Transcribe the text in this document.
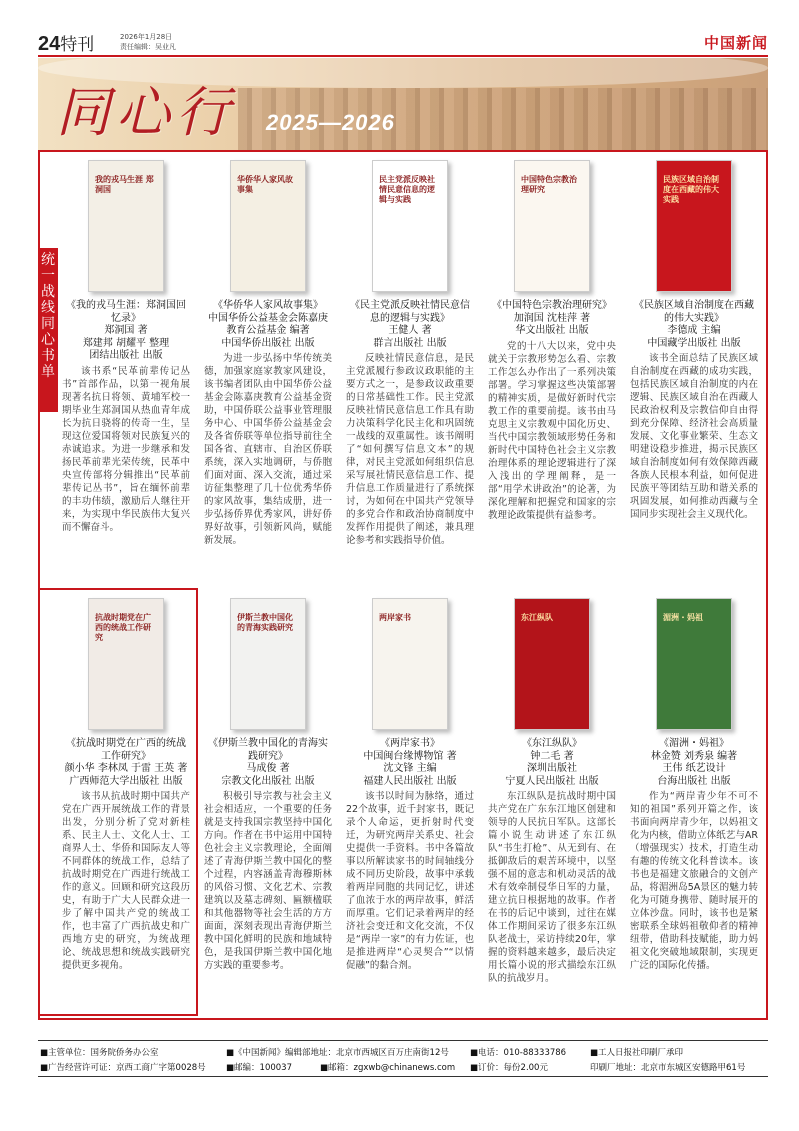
24特刊	2026年1月28日
责任编辑：吴业凡	中国新闻
同心行 2025—2026
统一战线同心书单
我的戎马生涯 郑洞国
《我的戎马生涯：郑洞国回忆录》
郑洞国 著
郑建邦 胡耀平 整理
团结出版社 出版
该书系“民革前辈传记丛书”首部作品，以第一视角展现著名抗日将领、黄埔军校一期毕业生郑洞国从热血青年成长为抗日骁将的传奇一生，呈现这位爱国将领对民族复兴的赤诚追求。为进一步继承和发扬民革前辈光荣传统，民革中央宣传部将分辑推出“民革前辈传记丛书”，旨在缅怀前辈的丰功伟绩，激励后人继往开来，为实现中华民族伟大复兴而不懈奋斗。
华侨华人家风故事集
《华侨华人家风故事集》
中国华侨公益基金会陈嘉庚教育公益基金 编著
中国华侨出版社 出版
为进一步弘扬中华传统美德，加强家庭家教家风建设，该书编者团队由中国华侨公益基金会陈嘉庚教育公益基金资助，中国侨联公益事业管理服务中心、中国华侨公益基金会及各省侨联等单位指导前往全国各省、直辖市、自治区侨联系统，深入实地调研，与侨胞们面对面、深入交流，通过采访征集整理了几十位优秀华侨的家风故事，集结成册，进一步弘扬侨界优秀家风，讲好侨界好故事，引领新风尚，赋能新发展。
民主党派反映社情民意信息的逻辑与实践
《民主党派反映社情民意信息的逻辑与实践》
王健人 著
群言出版社 出版
反映社情民意信息，是民主党派履行参政议政职能的主要方式之一，是参政议政重要的日常基础性工作。民主党派反映社情民意信息工作具有助力决策科学化民主化和巩固统一战线的双重属性。该书阐明了“如何撰写信息文本”的规律，对民主党派如何组织信息采写展社情民意信息工作、提升信息工作质量进行了系统探讨，为如何在中国共产党领导的多党合作和政治协商制度中发挥作用提供了阐述，兼具理论参考和实践指导价值。
中国特色宗教治理研究
《中国特色宗教治理研究》
加润国 沈桂萍 著
华文出版社 出版
党的十八大以来，党中央就关于宗教形势怎么看、宗教工作怎么办作出了一系列决策部署。学习掌握这些决策部署的精神实质，是做好新时代宗教工作的重要前提。该书由马克思主义宗教观中国化历史、当代中国宗教领域形势任务和新时代中国特色社会主义宗教治理体系的理论逻辑进行了深入浅出的学理阐释，是一部“用学术讲政治”的论著，为深化理解和把握党和国家的宗教理论政策提供有益参考。
民族区域自治制度在西藏的伟大实践
《民族区域自治制度在西藏的伟大实践》
李德成 主编
中国藏学出版社 出版
该书全面总结了民族区域自治制度在西藏的成功实践，包括民族区域自治制度的内在逻辑、民族区域自治在西藏人民政治权利及宗教信仰自由得到充分保障、经济社会高质量发展、文化事业繁荣、生态文明建设稳步推进，揭示民族区域自治制度如何有效保障西藏各族人民根本利益，如何促进民族平等团结互助和谐关系的巩固发展，如何推动西藏与全国同步实现社会主义现代化。
抗战时期党在广西的统战工作研究
《抗战时期党在广西的统战工作研究》
颜小华 李林凤 于雷 王英 著
广西师范大学出版社 出版
该书从抗战时期中国共产党在广西开展统战工作的背景出发，分别分析了党对新桂系、民主人士、文化人士、工商界人士、华侨和国际友人等不同群体的统战工作，总结了抗战时期党在广西进行统战工作的意义。回顾和研究这段历史，有助于广大人民群众进一步了解中国共产党的统战工作，也丰富了广西抗战史和广西地方史的研究，为统战理论、统战思想和统战实践研究提供更多视角。
伊斯兰教中国化的青海实践研究
《伊斯兰教中国化的青海实践研究》
马成俊 著
宗教文化出版社 出版
积极引导宗教与社会主义社会相适应，一个重要的任务就是支持我国宗教坚持中国化方向。作者在书中运用中国特色社会主义宗教理论，全面阐述了青海伊斯兰教中国化的整个过程，内容涵盖青海穆斯林的风俗习惯、文化艺术、宗教建筑以及墓志碑刻、匾额楹联和其他器物等社会生活的方方面面，深刻表现出青海伊斯兰教中国化鲜明的民族和地域特色，是我国伊斯兰教中国化地方实践的重要参考。
两岸家书
《两岸家书》
中国闽台缘博物馆 著
沈文锋 主编
福建人民出版社 出版
该书以时间为脉络，通过22个故事，近千封家书，既记录个人命运，更折射时代变迁，为研究两岸关系史、社会史提供一手资料。书中各篇故事以所解读家书的时间轴线分成不同历史阶段，故事中承载着两岸同胞的共同记忆，讲述了血浓于水的两岸故事，鲜活而厚重。它们记录着两岸的经济社会变迁和文化交流，不仅是“两岸一家”的有力佐证，也是推进两岸“心灵契合”“以情促融”的黏合剂。
东江纵队
《东江纵队》
钟二毛 著
深圳出版社
宁夏人民出版社 出版
东江纵队是抗战时期中国共产党在广东东江地区创建和领导的人民抗日军队。这部长篇小说生动讲述了东江纵队“书生打枪”、从无到有、在抵御敌后的艰苦环境中，以坚强不屈的意志和机动灵活的战术有效牵制侵华日军的力量，建立抗日根据地的故事。作者在书的后记中谈到，过往在媒体工作期间采访了很多东江纵队老战士，采访持续20年，掌握的资料越来越多，最后决定用长篇小说的形式描绘东江纵队的抗战岁月。
湄洲・妈祖
《湄洲・妈祖》
林金赞 刘秀泉 编著
王伟 纸艺设计
台海出版社 出版
作为“两岸青少年不可不知的祖国”系列开篇之作，该书面向两岸青少年，以妈祖文化为内核，借助立体纸艺与AR（增强现实）技术，打造生动有趣的传统文化科普读本。该书也是福建文旅融合的文创产品，将湄洲岛5A景区的魅力转化为可随身携带、随时展开的立体沙盘。同时，该书也是紧密联系全球妈祖敬仰者的精神纽带，借助科技赋能，助力妈祖文化突破地域限制，实现更广泛的国际化传播。
■主管单位：国务院侨务办公室
■广告经营许可证：京西工商广字第0028号
■《中国新闻》编辑部地址：北京市西城区百万庄南街12号
■邮编：100037	■邮箱：zgxwb@chinanews.com
■电话：010-88333786
■订价：每份2.00元
■工人日报社印刷厂承印
印刷厂地址：北京市东城区安德路甲61号
